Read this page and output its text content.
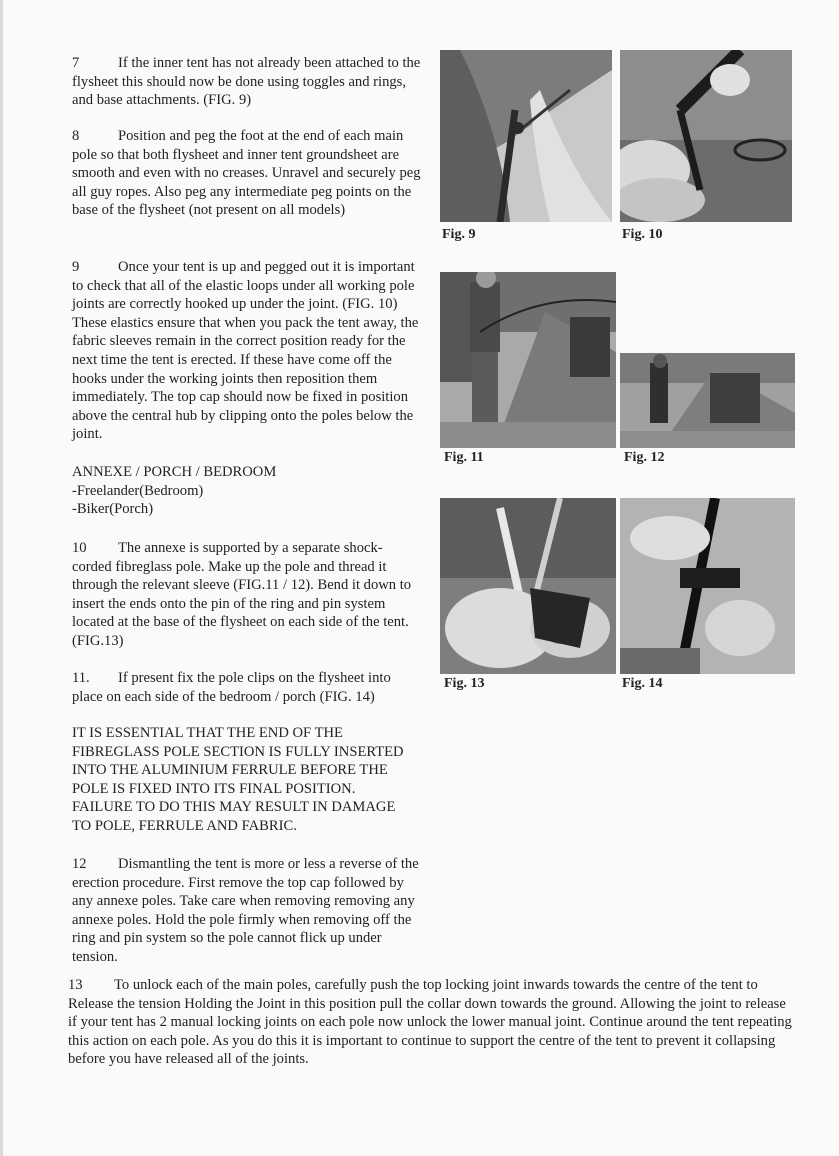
7	If the inner tent has not already been attached to the flysheet this should now be done using toggles and rings, and base attachments. (FIG. 9)

8	Position and peg the foot at the end of each main pole so that both flysheet and inner tent groundsheet are smooth and even with no creases. Unravel and securely peg all guy ropes. Also peg any intermediate peg points on the base of the flysheet (not present on all models)

9	Once your tent is up and pegged out it is important to check that all of the elastic loops under all working pole joints are correctly hooked up under the joint. (FIG. 10) These elastics ensure that when you pack the tent away, the fabric sleeves remain in the correct position ready for the next time the tent is erected. If these have come off the hooks under the working joints then reposition them immediately. The top cap should now be fixed in position above the central hub by clipping onto the poles below the joint.

ANNEXE / PORCH / BEDROOM
-Freelander(Bedroom)
-Biker(Porch)

10 The annexe is supported by a separate shock-corded fibreglass pole. Make up the pole and thread it through the relevant sleeve (FIG.11 / 12). Bend it down to insert the ends onto the pin of the ring and pin system located at the base of the flysheet on each side of the tent. (FIG.13)

11. If present fix the pole clips on the flysheet into place on each side of the bedroom / porch (FIG. 14)

IT IS ESSENTIAL THAT THE END OF THE FIBREGLASS POLE SECTION IS FULLY INSERTED INTO THE ALUMINIUM FERRULE BEFORE THE POLE IS FIXED INTO ITS FINAL POSITION. FAILURE TO DO THIS MAY RESULT IN DAMAGE TO POLE, FERRULE AND FABRIC.

12 Dismantling the tent is more or less a reverse of the erection procedure. First remove the top cap followed by any annexe poles. Take care when removing removing any annexe poles. Hold the pole firmly when removing off the ring and pin system so the pole cannot flick up under tension.

13 To unlock each of the main poles, carefully push the top locking joint inwards towards the centre of the tent to Release the tension Holding the Joint in this position pull the collar down towards the ground. Allowing the joint to release if your tent has 2 manual locking joints on each pole now unlock the lower manual joint. Continue around the tent repeating this action on each pole. As you do this it is important to continue to support the centre of the tent to prevent it collapsing before you have released all of the joints.

Fig. 9	Fig. 10
Fig. 11	Fig. 12
Fig. 13	Fig. 14
